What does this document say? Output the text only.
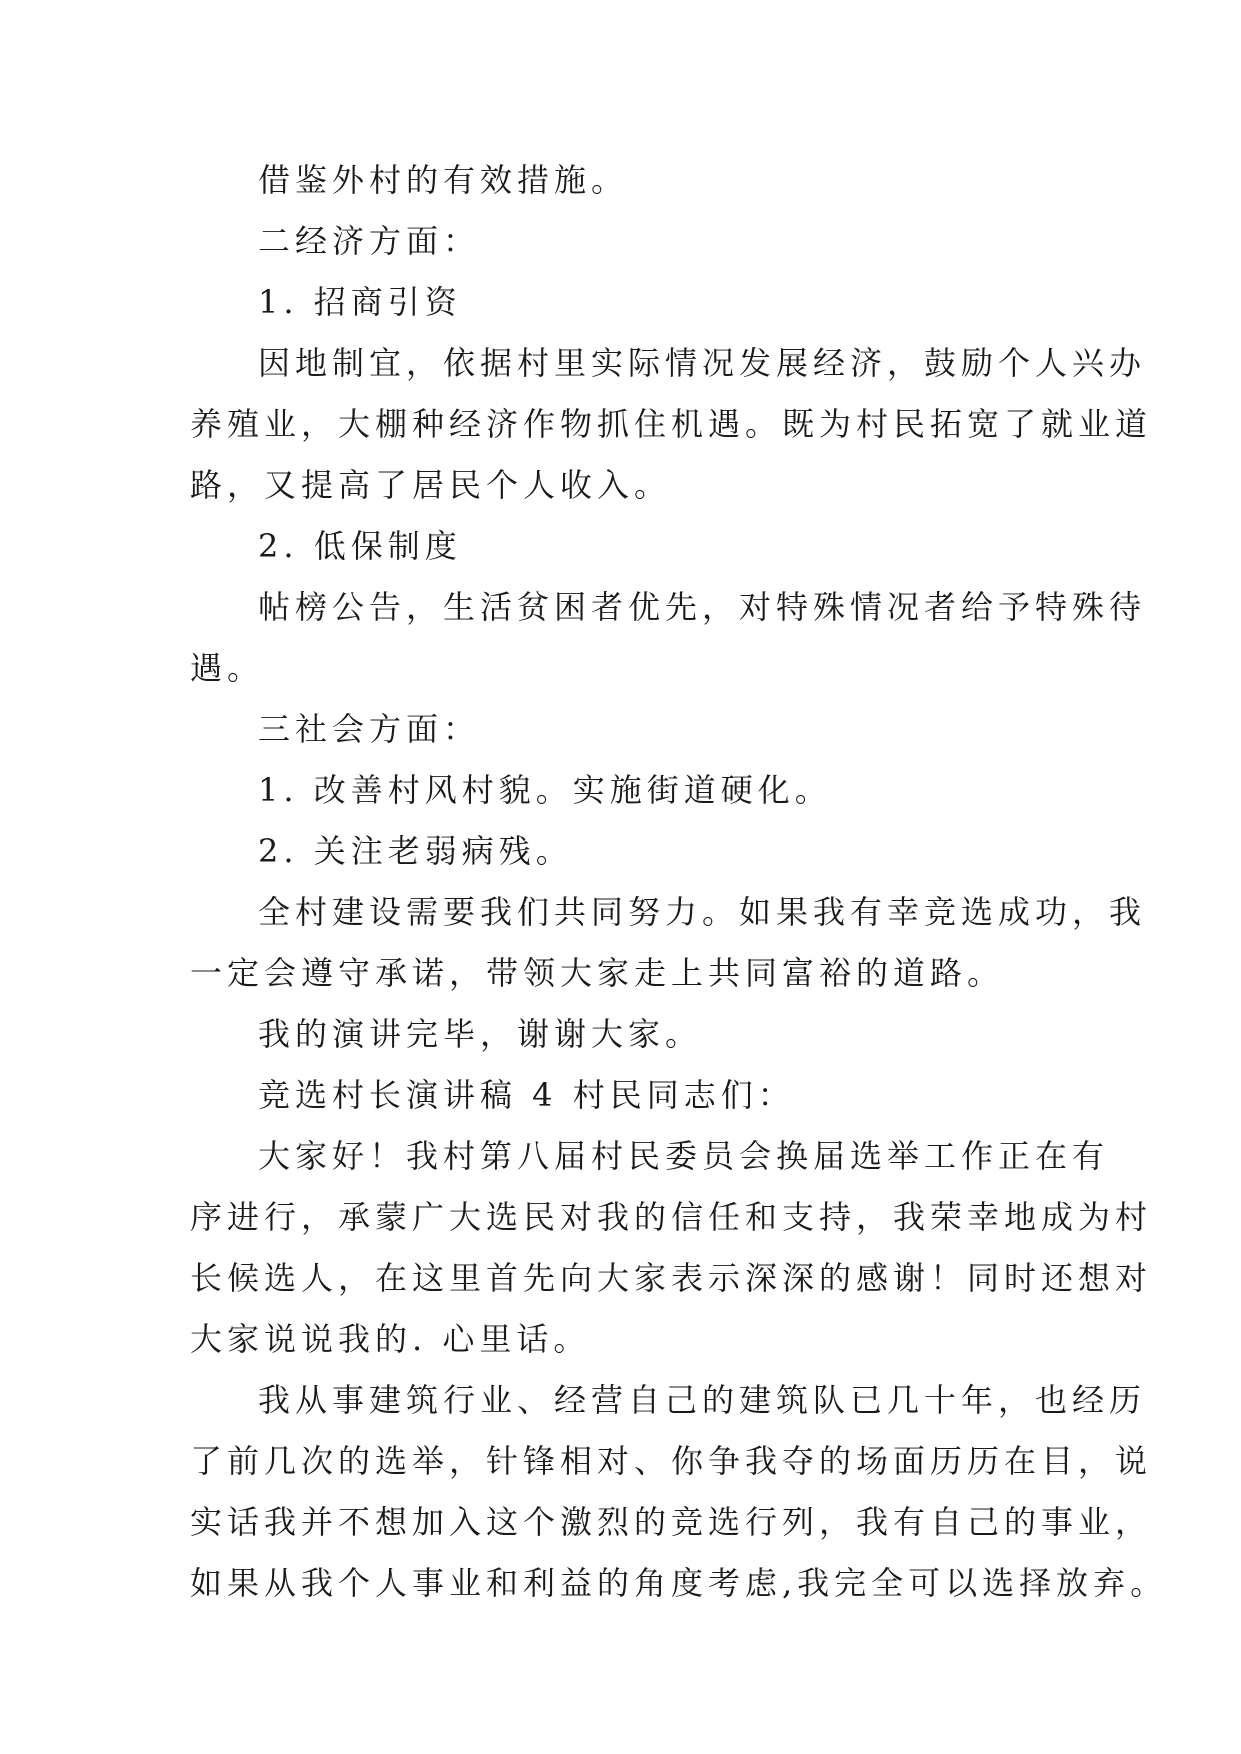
借鉴外村的有效措施。
二经济方面：
1. 招商引资
因地制宜，依据村里实际情况发展经济，鼓励个人兴办
养殖业，大棚种经济作物抓住机遇。既为村民拓宽了就业道
路，又提高了居民个人收入。
2. 低保制度
帖榜公告，生活贫困者优先，对特殊情况者给予特殊待
遇。
三社会方面：
1. 改善村风村貌。实施街道硬化。
2. 关注老弱病残。
全村建设需要我们共同努力。如果我有幸竞选成功，我
一定会遵守承诺，带领大家走上共同富裕的道路。
我的演讲完毕，谢谢大家。
竞选村长演讲稿 4 村民同志们：
大家好！我村第八届村民委员会换届选举工作正在有
序进行，承蒙广大选民对我的信任和支持，我荣幸地成为村
长候选人，在这里首先向大家表示深深的感谢！同时还想对
大家说说我的. 心里话。
我从事建筑行业、经营自己的建筑队已几十年，也经历
了前几次的选举，针锋相对、你争我夺的场面历历在目，说
实话我并不想加入这个激烈的竞选行列，我有自己的事业，
如果从我个人事业和利益的角度考虑,我完全可以选择放弃。
